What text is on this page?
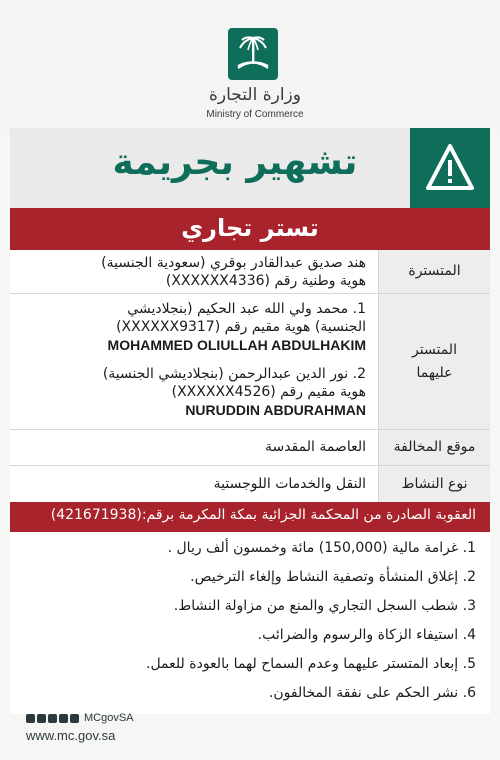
وزارة التجارة
Ministry of Commerce
تشهير بجريمة
تستر تجاري
المتسترة
هند صديق عبدالقادر بوقري (سعودية الجنسية)
هوية وطنية رقم (XXXXXX4336)
المتستر
عليهما
1. محمد ولي الله عبد الحكيم (بنجلاديشي
الجنسية) هوية مقيم رقم (XXXXXX9317)
MOHAMMED OLIULLAH ABDULHAKIM
2. نور الدين عبدالرحمن (بنجلاديشي الجنسية)
هوية مقيم رقم (XXXXXX4526)
NURUDDIN ABDURAHMAN
موقع المخالفة
العاصمة المقدسة
نوع النشاط
النقل والخدمات اللوجستية
العقوبة الصادرة من المحكمة الجزائية بمكة المكرمة برقم:(421671938)
1. غرامة مالية (150,000) مائة وخمسون ألف ريال .
2. إغلاق المنشأة وتصفية النشاط وإلغاء الترخيص.
3. شطب السجل التجاري والمنع من مزاولة النشاط.
4. استيفاء الزكاة والرسوم والضرائب.
5. إبعاد المتستر عليهما وعدم السماح لهما بالعودة للعمل.
6. نشر الحكم على نفقة المخالفون.
MCgovSA
www.mc.gov.sa
